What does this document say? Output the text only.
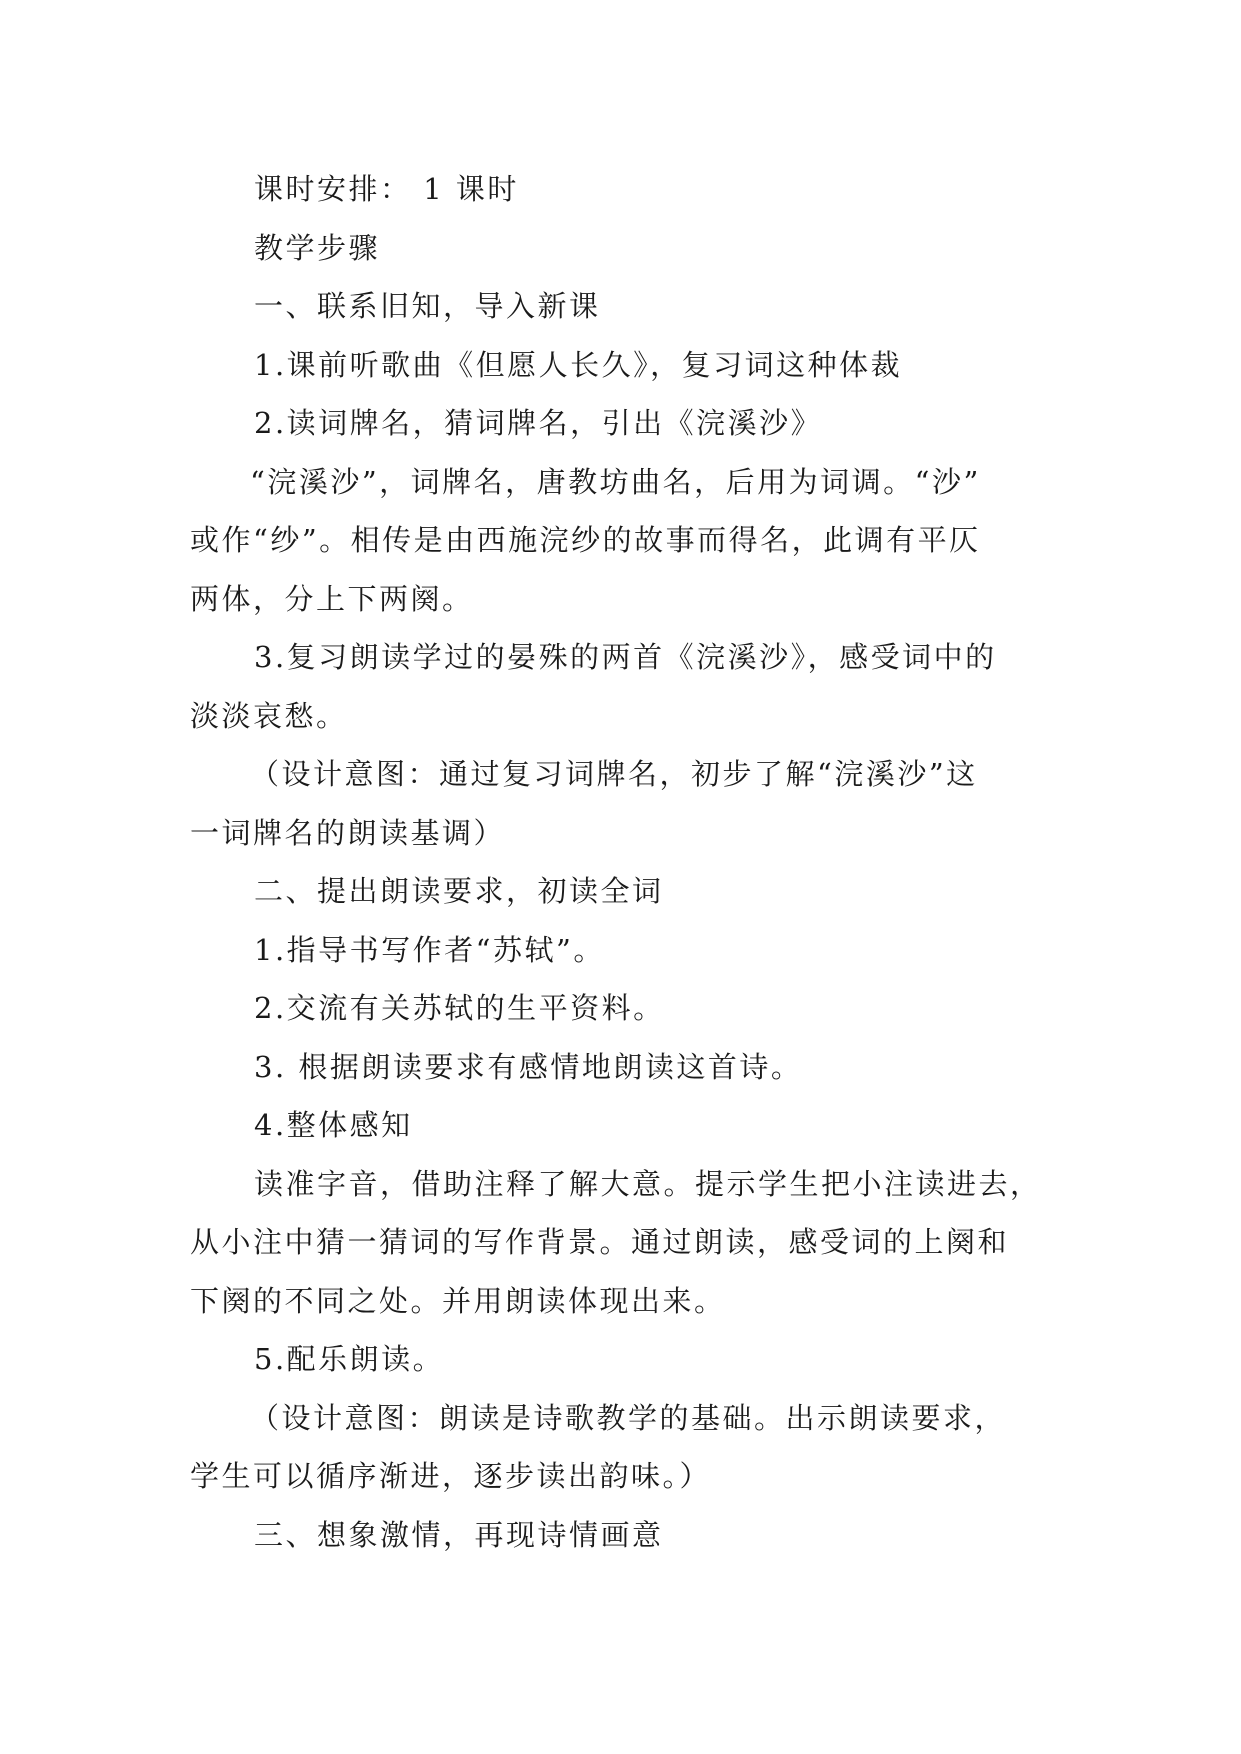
课时安排： 1 课时
教学步骤
一、联系旧知，导入新课
1.课前听歌曲《但愿人长久》，复习词这种体裁
2.读词牌名，猜词牌名，引出《浣溪沙》
“浣溪沙”，词牌名，唐教坊曲名，后用为词调。“沙”
或作“纱”。相传是由西施浣纱的故事而得名，此调有平仄
两体，分上下两阕。
3.复习朗读学过的晏殊的两首《浣溪沙》，感受词中的
淡淡哀愁。
（设计意图：通过复习词牌名，初步了解“浣溪沙”这
一词牌名的朗读基调）
二、提出朗读要求，初读全词
1.指导书写作者“苏轼”。
2.交流有关苏轼的生平资料。
3. 根据朗读要求有感情地朗读这首诗。
4.整体感知
读准字音，借助注释了解大意。提示学生把小注读进去，
从小注中猜一猜词的写作背景。通过朗读，感受词的上阕和
下阕的不同之处。并用朗读体现出来。
5.配乐朗读。
（设计意图：朗读是诗歌教学的基础。出示朗读要求，
学生可以循序渐进，逐步读出韵味。）
三、想象激情，再现诗情画意
